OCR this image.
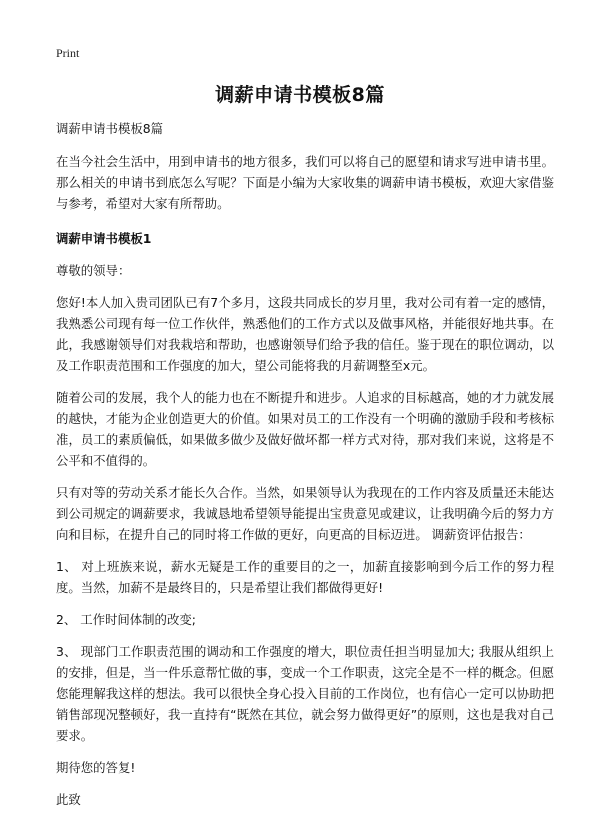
Print
调薪申请书模板8篇

调薪申请书模板8篇

在当今社会生活中，用到申请书的地方很多，我们可以将自己的愿望和请求写进申请书里。那么相关的申请书到底怎么写呢？下面是小编为大家收集的调薪申请书模板，欢迎大家借鉴与参考，希望对大家有所帮助。

调薪申请书模板1

尊敬的领导：

您好!本人加入贵司团队已有7个多月，这段共同成长的岁月里，我对公司有着一定的感情，我熟悉公司现有每一位工作伙伴，熟悉他们的工作方式以及做事风格，并能很好地共事。在此，我感谢领导们对我栽培和帮助，也感谢领导们给予我的信任。鉴于现在的职位调动，以及工作职责范围和工作强度的加大，望公司能将我的月薪调整至x元。

随着公司的发展，我个人的能力也在不断提升和进步。人追求的目标越高，她的才力就发展的越快，才能为企业创造更大的价值。如果对员工的工作没有一个明确的激励手段和考核标准，员工的素质偏低，如果做多做少及做好做坏都一样方式对待，那对我们来说，这将是不公平和不值得的。

只有对等的劳动关系才能长久合作。当然，如果领导认为我现在的工作内容及质量还未能达到公司规定的调薪要求，我诚恳地希望领导能提出宝贵意见或建议，让我明确今后的努力方向和目标，在提升自己的同时将工作做的更好，向更高的目标迈进。 调薪资评估报告：

1、 对上班族来说，薪水无疑是工作的重要目的之一，加薪直接影响到今后工作的努力程度。当然，加薪不是最终目的，只是希望让我们都做得更好!

2、 工作时间体制的改变;

3、 现部门工作职责范围的调动和工作强度的增大，职位责任担当明显加大; 我服从组织上的安排，但是，当一件乐意帮忙做的事，变成一个工作职责，这完全是不一样的概念。但愿您能理解我这样的想法。我可以很快全身心投入目前的工作岗位，也有信心一定可以协助把销售部现况整顿好，我一直持有“既然在其位，就会努力做得更好”的原则，这也是我对自己要求。

期待您的答复!

此致
